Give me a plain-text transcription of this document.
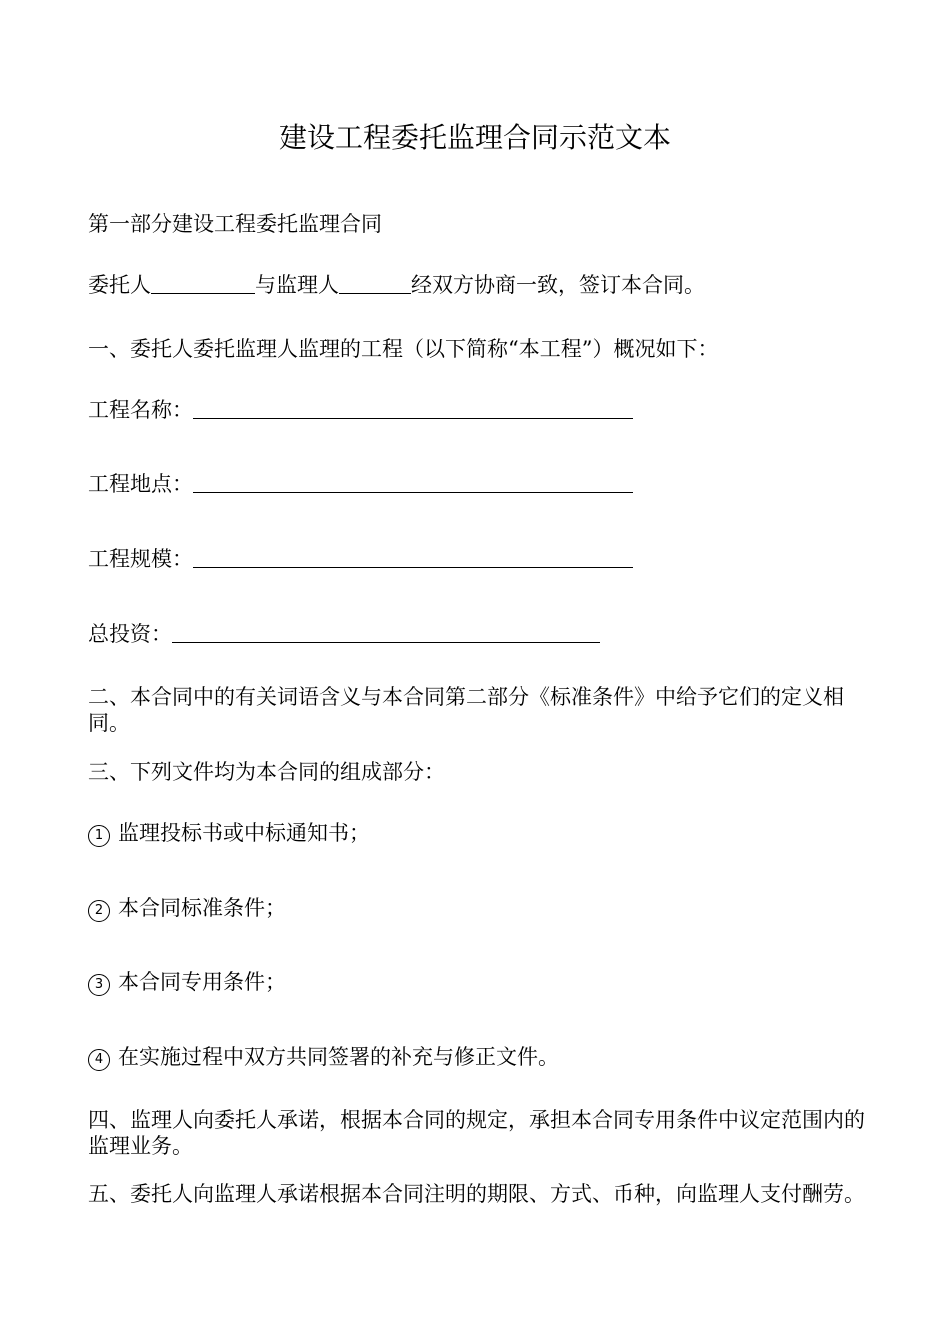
建设工程委托监理合同示范文本
第一部分建设工程委托监理合同
委托人	与监理人	经双方协商一致，签订本合同。
一、委托人委托监理人监理的工程（以下简称“本工程”）概况如下：
工程名称：
工程地点：
工程规模：
总投资：
二、本合同中的有关词语含义与本合同第二部分《标准条件》中给予它们的定义相同。
三、下列文件均为本合同的组成部分：
1 监理投标书或中标通知书；
2 本合同标准条件；
3 本合同专用条件；
4 在实施过程中双方共同签署的补充与修正文件。
四、监理人向委托人承诺，根据本合同的规定，承担本合同专用条件中议定范围内的监理业务。
五、委托人向监理人承诺根据本合同注明的期限、方式、币种，向监理人支付酬劳。
